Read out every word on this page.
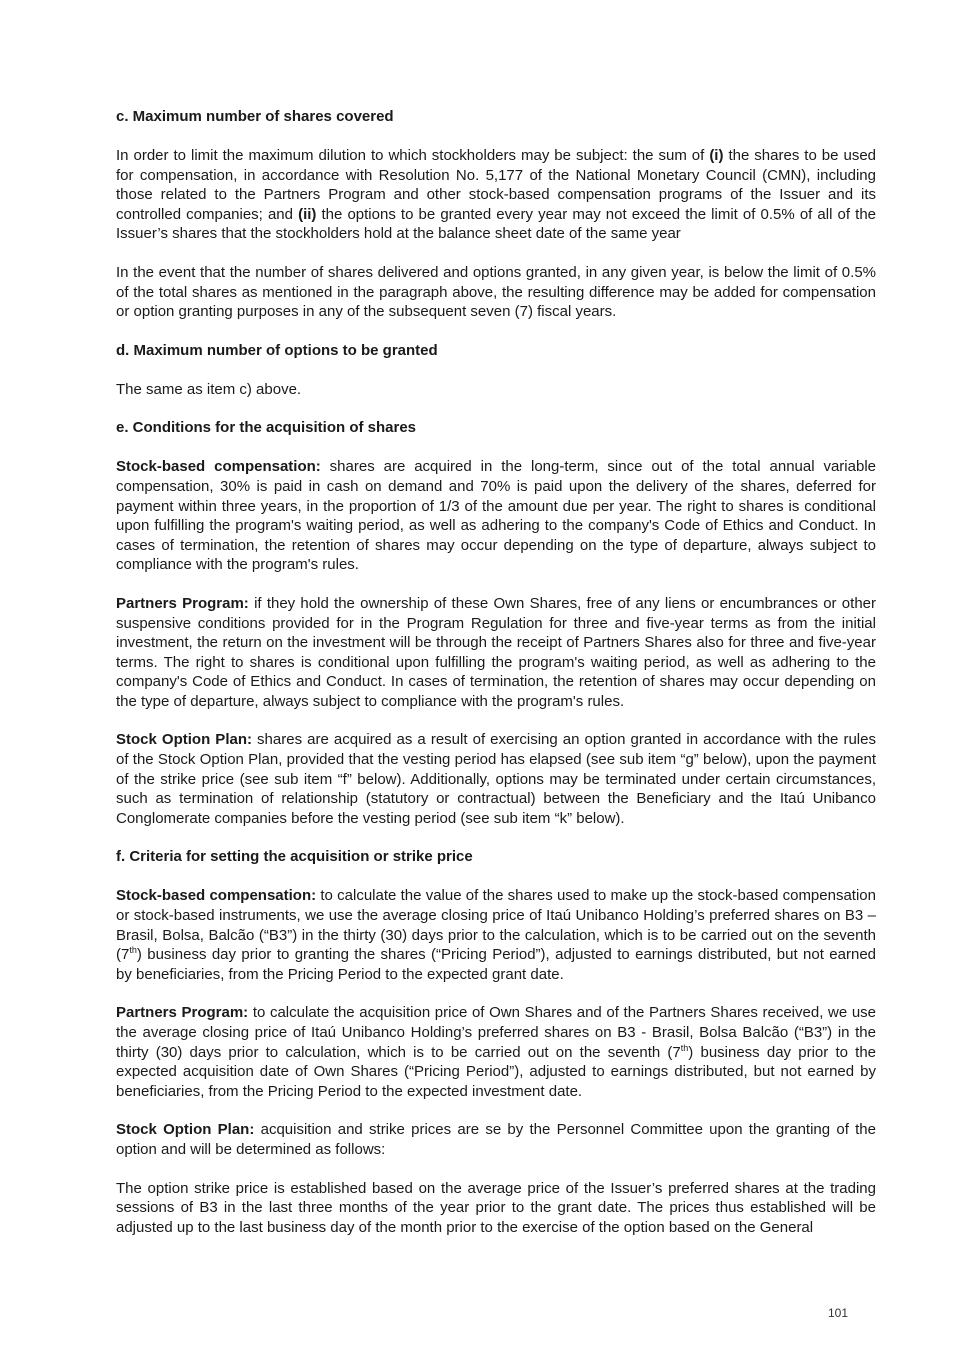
c. Maximum number of shares covered
In order to limit the maximum dilution to which stockholders may be subject: the sum of (i) the shares to be used for compensation, in accordance with Resolution No. 5,177 of the National Monetary Council (CMN), including those related to the Partners Program and other stock-based compensation programs of the Issuer and its controlled companies; and (ii) the options to be granted every year may not exceed the limit of 0.5% of all of the Issuer’s shares that the stockholders hold at the balance sheet date of the same year
In the event that the number of shares delivered and options granted, in any given year, is below the limit of 0.5% of the total shares as mentioned in the paragraph above, the resulting difference may be added for compensation or option granting purposes in any of the subsequent seven (7) fiscal years.
d. Maximum number of options to be granted
The same as item c) above.
e. Conditions for the acquisition of shares
Stock-based compensation: shares are acquired in the long-term, since out of the total annual variable compensation, 30% is paid in cash on demand and 70% is paid upon the delivery of the shares, deferred for payment within three years, in the proportion of 1/3 of the amount due per year. The right to shares is conditional upon fulfilling the program's waiting period, as well as adhering to the company's Code of Ethics and Conduct. In cases of termination, the retention of shares may occur depending on the type of departure, always subject to compliance with the program's rules.
Partners Program: if they hold the ownership of these Own Shares, free of any liens or encumbrances or other suspensive conditions provided for in the Program Regulation for three and five-year terms as from the initial investment, the return on the investment will be through the receipt of Partners Shares also for three and five-year terms. The right to shares is conditional upon fulfilling the program's waiting period, as well as adhering to the company's Code of Ethics and Conduct. In cases of termination, the retention of shares may occur depending on the type of departure, always subject to compliance with the program's rules.
Stock Option Plan: shares are acquired as a result of exercising an option granted in accordance with the rules of the Stock Option Plan, provided that the vesting period has elapsed (see sub item “g” below), upon the payment of the strike price (see sub item “f” below). Additionally, options may be terminated under certain circumstances, such as termination of relationship (statutory or contractual) between the Beneficiary and the Itaú Unibanco Conglomerate companies before the vesting period (see sub item “k” below).
f. Criteria for setting the acquisition or strike price
Stock-based compensation: to calculate the value of the shares used to make up the stock-based compensation or stock-based instruments, we use the average closing price of Itaú Unibanco Holding’s preferred shares on B3 – Brasil, Bolsa, Balcão (“B3”) in the thirty (30) days prior to the calculation, which is to be carried out on the seventh (7th) business day prior to granting the shares (“Pricing Period”), adjusted to earnings distributed, but not earned by beneficiaries, from the Pricing Period to the expected grant date.
Partners Program: to calculate the acquisition price of Own Shares and of the Partners Shares received, we use the average closing price of Itaú Unibanco Holding’s preferred shares on B3 - Brasil, Bolsa Balcão (“B3”) in the thirty (30) days prior to calculation, which is to be carried out on the seventh (7th) business day prior to the expected acquisition date of Own Shares (“Pricing Period”), adjusted to earnings distributed, but not earned by beneficiaries, from the Pricing Period to the expected investment date.
Stock Option Plan: acquisition and strike prices are se by the Personnel Committee upon the granting of the option and will be determined as follows:
The option strike price is established based on the average price of the Issuer’s preferred shares at the trading sessions of B3 in the last three months of the year prior to the grant date. The prices thus established will be adjusted up to the last business day of the month prior to the exercise of the option based on the General
101
